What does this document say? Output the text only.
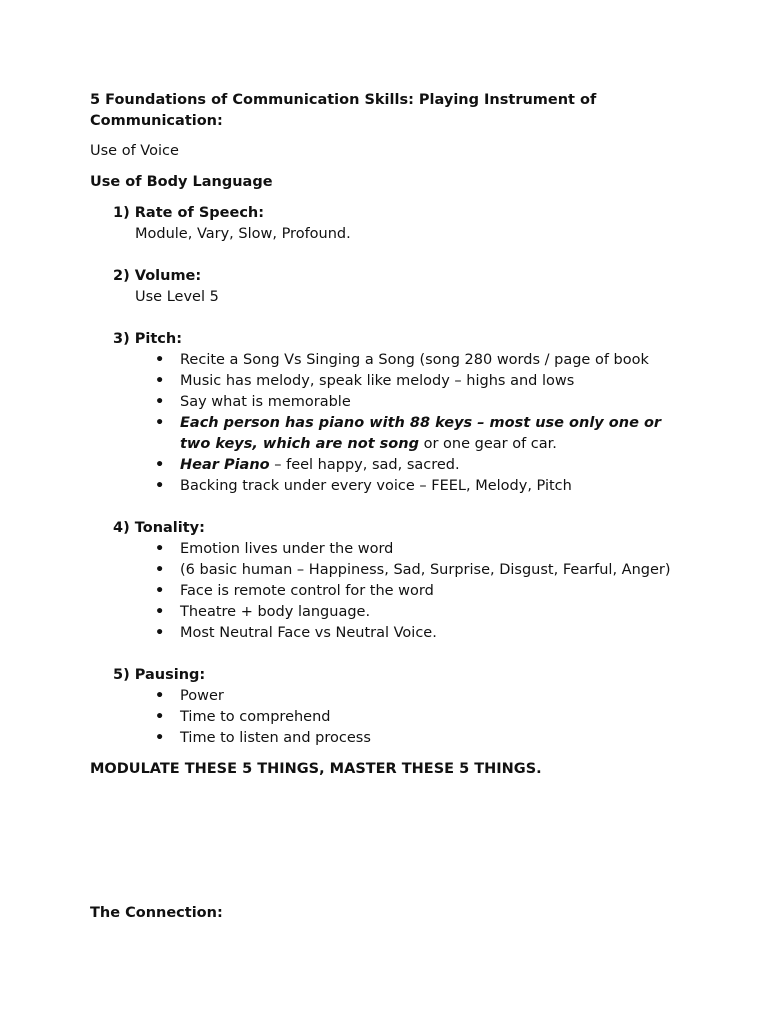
5 Foundations of Communication Skills: Playing Instrument of Communication:
Use of Voice
Use of Body Language
1) Rate of Speech:
Module, Vary, Slow, Profound.
2) Volume:
Use Level 5
3) Pitch:
• Recite a Song Vs Singing a Song (song 280 words / page of book
• Music has melody, speak like melody – highs and lows
• Say what is memorable
• Each person has piano with 88 keys – most use only one or two keys, which are not song or one gear of car.
• Hear Piano – feel happy, sad, sacred.
• Backing track under every voice – FEEL, Melody, Pitch
4) Tonality:
• Emotion lives under the word
• (6 basic human – Happiness, Sad, Surprise, Disgust, Fearful, Anger)
• Face is remote control for the word
• Theatre + body language.
• Most Neutral Face vs Neutral Voice.
5) Pausing:
• Power
• Time to comprehend
• Time to listen and process
MODULATE THESE 5 THINGS, MASTER THESE 5 THINGS.
The Connection:
